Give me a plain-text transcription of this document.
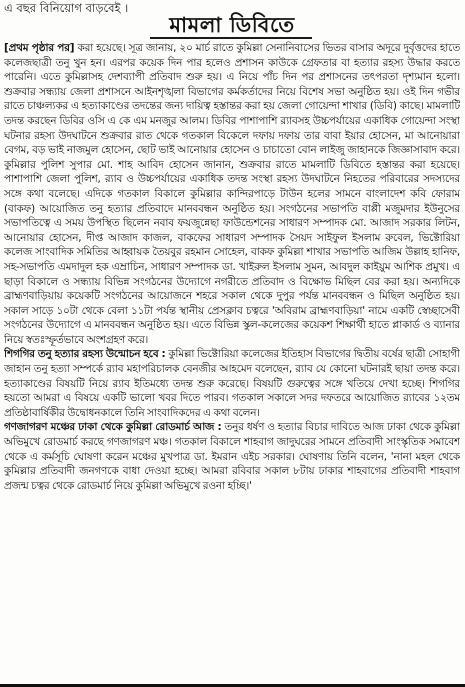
এ বছর বিনিয়োগ বাড়বেই ।
মামলা ডিবিতে

[প্রথম পৃষ্ঠার পর] করা হয়েছে। সূত্র জানায়, ২০ মার্চ রাতে কুমিল্লা সেনানিবাসের ভিতর বাসার অদূরে দুর্বৃত্তদের হাতে কলেজছাত্রী তনু খুন হন। এরপর কয়েক দিন পার হলেও প্রশাসন কাউকে গ্রেফতার বা হত্যার রহস্য উদ্ধার করতে পারেনি। এতে কুমিল্লাসহ দেশব্যাপী প্রতিবাদ শুরু হয়। এ নিয়ে পাঁচ দিন পর প্রশাসনের তৎপরতা দৃশ্যমান হলো। শুক্রবার সন্ধ্যায় জেলা প্রশাসনে আইনশৃঙ্খলা বিভাগের কর্মকর্তাদের নিয়ে বিশেষ সভা অনুষ্ঠিত হয়। ওই দিন গভীর রাতে চাঞ্চল্যকর এ হত্যাকাণ্ডের তদন্তের জন্য দায়িত্ব হস্তান্তর করা হয় জেলা গোয়েন্দা শাখার (ডিবি) কাছে। মামলাটি তদন্ত করছেন ডিবির ওসি এ কে এম মনজুর আলম। ডিবির পাশাপাশি র‌্যাবসহ উচ্চপর্যায়ের একাধিক গোয়েন্দা সংস্থা ঘটনার রহস্য উদঘাটনে শুক্রবার রাত থেকে গতকাল বিকেলে দফায় দফায় তার বাবা ইয়ার হোসেন, মা আনোয়ারা বেগম, বড় ভাই নাজমুল হোসেন, ছোট ভাই আনোয়ার হোসেন ও চাচাতো বোন লাইজু জাহানকে জিজ্ঞাসাবাদ করে। কুমিল্লার পুলিশ সুপার মো. শাহ আবিদ হোসেন জানান, শুক্রবার রাতে মামলাটি ডিবিতে হস্তান্তর করা হয়েছে। পাশাপাশি জেলা পুলিশ, র‌্যাব ও উচ্চপর্যায়ের একাধিক তদন্ত সংস্থা রহস্য উদঘাটনে নিহতের পরিবারের সদস্যদের সঙ্গে কথা বলেছে। এদিকে গতকাল বিকালে কুমিল্লার কান্দিরপাড়ে টাউন হলের সামনে বাংলাদেশ কবি ফোরাম (বাকফ) আয়োজিত তনু হত্যার প্রতিবাদে মানববন্ধন অনুষ্ঠিত হয়। সংগঠনের সভাপতি বাপ্পী মজুমদার ইউনুসের সভাপতিত্বে এ সময় উপস্থিত ছিলেন নবাব ফয়জুন্নেছা ফাউন্ডেশনের সাধারণ সম্পাদক মো. আজাদ সরকার লিটন, আনোয়ার হোসেন, দীপ্ত আজাদ কাজল, বাকফের সাধারণ সম্পাদক সৈয়দ সাইফুল ইসলাম রুবেল, ভিক্টোরিয়া কলেজ সাংবাদিক সমিতির আহ্বায়ক তৈয়বুর রহমান সোহেল, বাকফ কুমিল্লা শাখার সভাপতি আজিম উল্লাহ হানিফ, সহ-সভাপতি এমদাদুল হক এম্রাচিন, সাধারণ সম্পাদক ডা. খাইরুল ইসলাম সুমন, আবদুল কাইয়ুম আশিক প্রমুখ। এ ছাড়া বিকালে ও সন্ধ্যায় বিভিন্ন সংগঠনের উদ্যোগে নগরীতে প্রতিবাদ ও বিক্ষোভ মিছিল বের করা হয়। অন্যদিকে ব্রাহ্মণবাড়িয়ায় কয়েকটি সংগঠনের আয়োজনে শহরে সকাল থেকে দুপুর পর্যন্ত মানববন্ধন ও মিছিল অনুষ্ঠিত হয়। সকাল সাড়ে ১০টা থেকে বেলা ১১টা পর্যন্ত স্থানীয় প্রেসক্লাব চত্বরে 'অবিরাম ব্রাহ্মণবাড়িয়া' নামে একটি স্বেচ্ছাসেবী সংগঠনের উদ্যোগে এ মানববন্ধন অনুষ্ঠিত হয়। এতে বিভিন্ন স্কুল-কলেজের কয়েকশ শিক্ষার্থী হাতে প্লাকার্ড ও ব্যানার নিয়ে স্বতঃস্ফূর্তভাবে অংশগ্রহণ করে।

শিগগির তনু হত্যার রহস্য উন্মোচন হবে : কুমিল্লা ভিক্টোরিয়া কলেজের ইতিহাস বিভাগের দ্বিতীয় বর্ষের ছাত্রী সোহাগী জাহান তনু হত্যা সম্পর্কে র‌্যাব মহাপরিচালক বেনজীর আহমেদ বলেছেন, র‌্যাব যে কোনো ঘটনারই ছায়া তদন্ত করে। হত্যাকাণ্ডের বিষয়টি নিয়ে র‌্যাব ইতিমধ্যে তদন্ত শুরু করেছে। বিষয়টি গুরুত্বের সঙ্গে খতিয়ে দেখা হচ্ছে। শিগগির হয়তো আমরা এ বিষয়ে একটি ভালো খবর দিতে পারব। গতকাল সকালে সদর দফতরে আয়োজিত র‌্যাবের ১২তম প্রতিষ্ঠাবার্ষিকীর উদ্বোধনকালে তিনি সাংবাদিকদের এ কথা বলেন।

গণজাগরণ মঞ্চের ঢাকা থেকে কুমিল্লা রোডমার্চ আজ : তনুর ধর্ষণ ও হত্যার বিচার দাবিতে আজ ঢাকা থেকে কুমিল্লা অভিমুখে রোডমার্চ করছে গণজাগরণ মঞ্চ। গতকাল বিকালে শাহবাগ জাদুঘরের সামনে প্রতিবাদী সাংস্কৃতিক সমাবেশ থেকে এ কর্মসূচি ঘোষণা করেন মঞ্চের মুখপাত্র ডা. ইমরান এইচ সরকার। ঘোষণায় তিনি বলেন, 'নানা মহল থেকে কুমিল্লার প্রতিবাদী জনগণকে বাধা দেওয়া হচ্ছে। আমরা রবিবার সকাল ৮টায় ঢাকার শাহবাগের প্রতিবাদী শাহবাগ প্রজন্ম চত্বর থেকে রোডমার্চ নিয়ে কুমিল্লা অভিমুখে রওনা হচ্ছি।'
